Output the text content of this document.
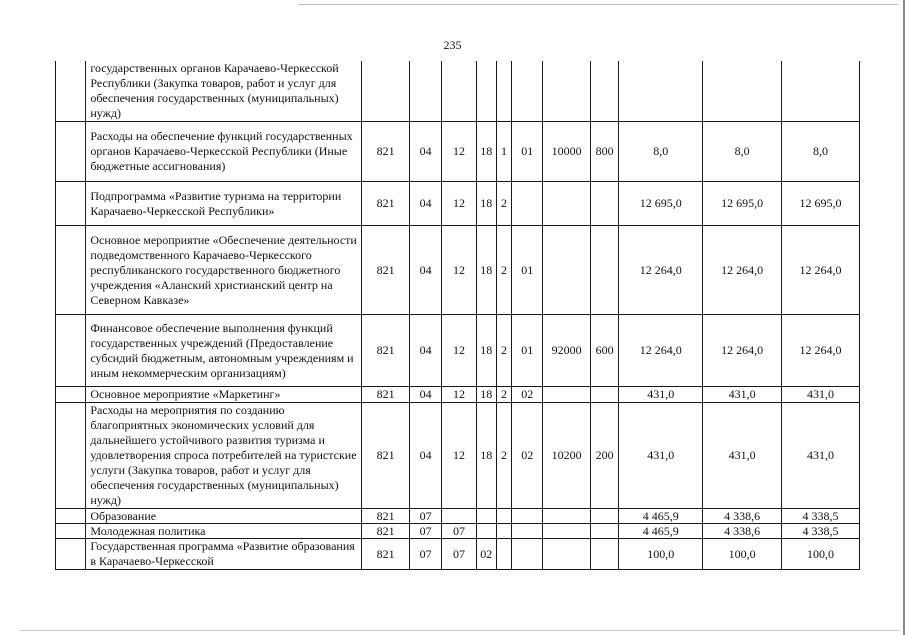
235
	государственных органов Карачаево-Черкесской Республики (Закупка товаров, работ и услуг для обеспечения государственных (муниципальных) нужд)											
	Расходы на обеспечение функций государственных органов Карачаево-Черкесской Республики (Иные бюджетные ассигнования)	821	04	12	18	1	01	10000	800	8,0	8,0	8,0
	Подпрограмма «Развитие туризма на территории Карачаево-Черкесской Республики»	821	04	12	18	2				12 695,0	12 695,0	12 695,0
	Основное мероприятие «Обеспечение деятельности подведомственного Карачаево-Черкесского республиканского государственного бюджетного учреждения «Аланский христианский центр на Северном Кавказе»	821	04	12	18	2	01			12 264,0	12 264,0	12 264,0
	Финансовое обеспечение выполнения функций государственных учреждений (Предоставление субсидий бюджетным, автономным учреждениям и иным некоммерческим организациям)	821	04	12	18	2	01	92000	600	12 264,0	12 264,0	12 264,0
	Основное мероприятие «Маркетинг»	821	04	12	18	2	02			431,0	431,0	431,0
	Расходы на мероприятия по созданию благоприятных экономических условий для дальнейшего устойчивого развития туризма и удовлетворения спроса потребителей на туристские услуги (Закупка товаров, работ и услуг для обеспечения государственных (муниципальных) нужд)	821	04	12	18	2	02	10200	200	431,0	431,0	431,0
	Образование	821	07							4 465,9	4 338,6	4 338,5
	Молодежная политика	821	07	07						4 465,9	4 338,6	4 338,5
	Государственная программа «Развитие образования в Карачаево-Черкесской	821	07	07	02					100,0	100,0	100,0
